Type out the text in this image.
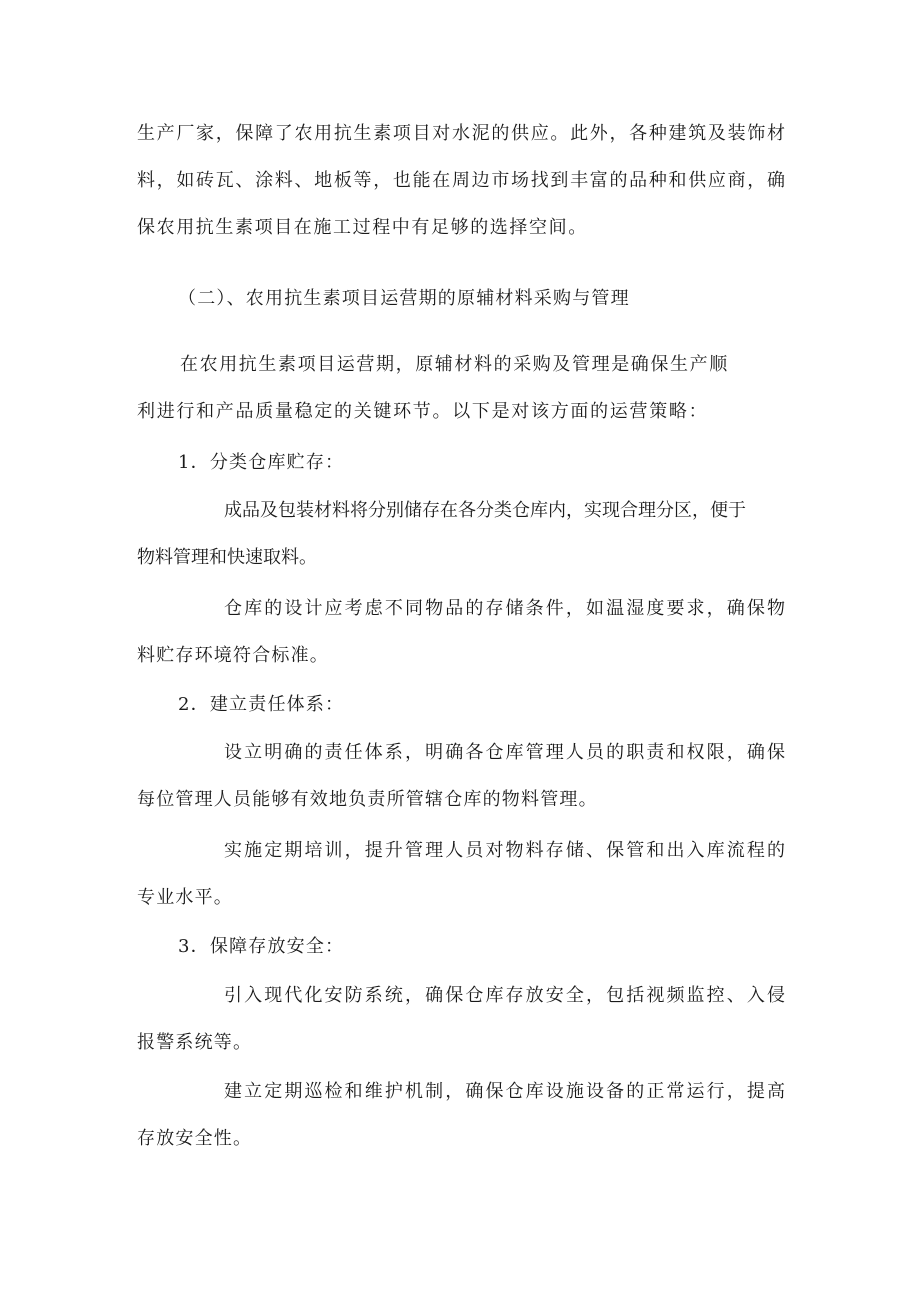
生产厂家，保障了农用抗生素项目对水泥的供应。此外，各种建筑及装饰材
料，如砖瓦、涂料、地板等，也能在周边市场找到丰富的品种和供应商，确
保农用抗生素项目在施工过程中有足够的选择空间。
（二）、农用抗生素项目运营期的原辅材料采购与管理
在农用抗生素项目运营期，原辅材料的采购及管理是确保生产顺
利进行和产品质量稳定的关键环节。以下是对该方面的运营策略：
1．分类仓库贮存：
成品及包装材料将分别储存在各分类仓库内，实现合理分区，便于
物料管理和快速取料。
仓库的设计应考虑不同物品的存储条件，如温湿度要求，确保物
料贮存环境符合标准。
2．建立责任体系：
设立明确的责任体系，明确各仓库管理人员的职责和权限，确保
每位管理人员能够有效地负责所管辖仓库的物料管理。
实施定期培训，提升管理人员对物料存储、保管和出入库流程的
专业水平。
3．保障存放安全：
引入现代化安防系统，确保仓库存放安全，包括视频监控、入侵
报警系统等。
建立定期巡检和维护机制，确保仓库设施设备的正常运行，提高
存放安全性。
